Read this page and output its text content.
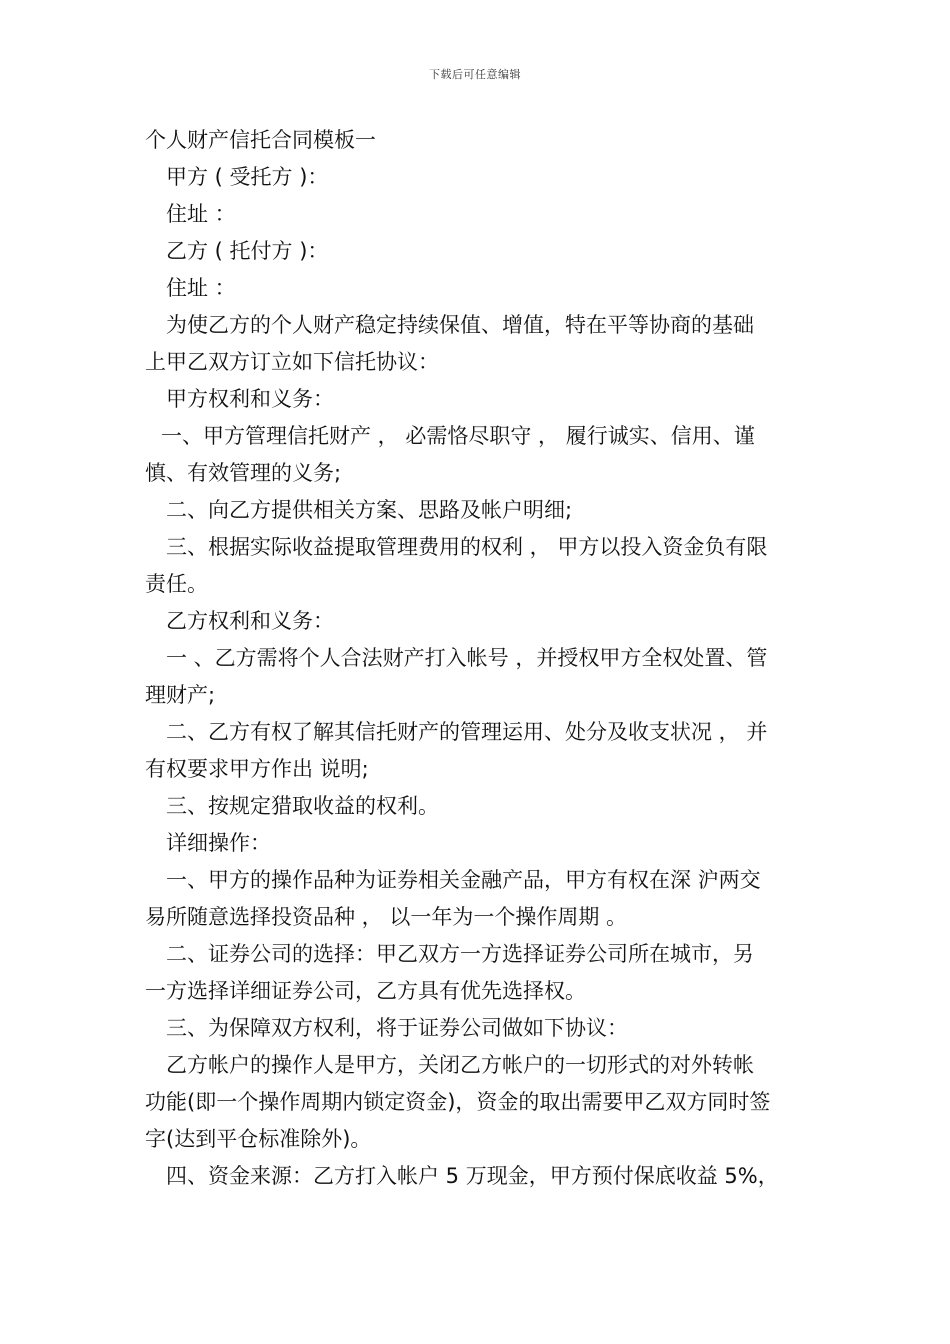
下载后可任意编辑

个人财产信托合同模板一

甲方 ( 受托方 )：

住址 ：

乙方 ( 托付方 )：

住址 ：

为使乙方的个人财产稳定持续保值、增值，特在平等协商的基础

上甲乙双方订立如下信托协议：

甲方权利和义务：

一、甲方管理信托财产 ， 必需恪尽职守 ， 履行诚实、信用、谨

慎、有效管理的义务;

二、向乙方提供相关方案、思路及帐户明细;

三、根据实际收益提取管理费用的权利 ， 甲方以投入资金负有限

责任。

乙方权利和义务：

一 、乙方需将个人合法财产打入帐号 ，并授权甲方全权处置、管

理财产;

二、乙方有权了解其信托财产的管理运用、处分及收支状况 ， 并

有权要求甲方作出 说明;

三、按规定猎取收益的权利。

详细操作：

一、甲方的操作品种为证券相关金融产品，甲方有权在深 沪两交

易所随意选择投资品种 ， 以一年为一个操作周期 。

二、证券公司的选择：甲乙双方一方选择证券公司所在城市，另

一方选择详细证券公司，乙方具有优先选择权。

三、为保障双方权利，将于证券公司做如下协议：

乙方帐户的操作人是甲方，关闭乙方帐户的一切形式的对外转帐

功能(即一个操作周期内锁定资金)，资金的取出需要甲乙双方同时签

字(达到平仓标准除外)。

四、资金来源：乙方打入帐户 5 万现金，甲方预付保底收益 5%，
